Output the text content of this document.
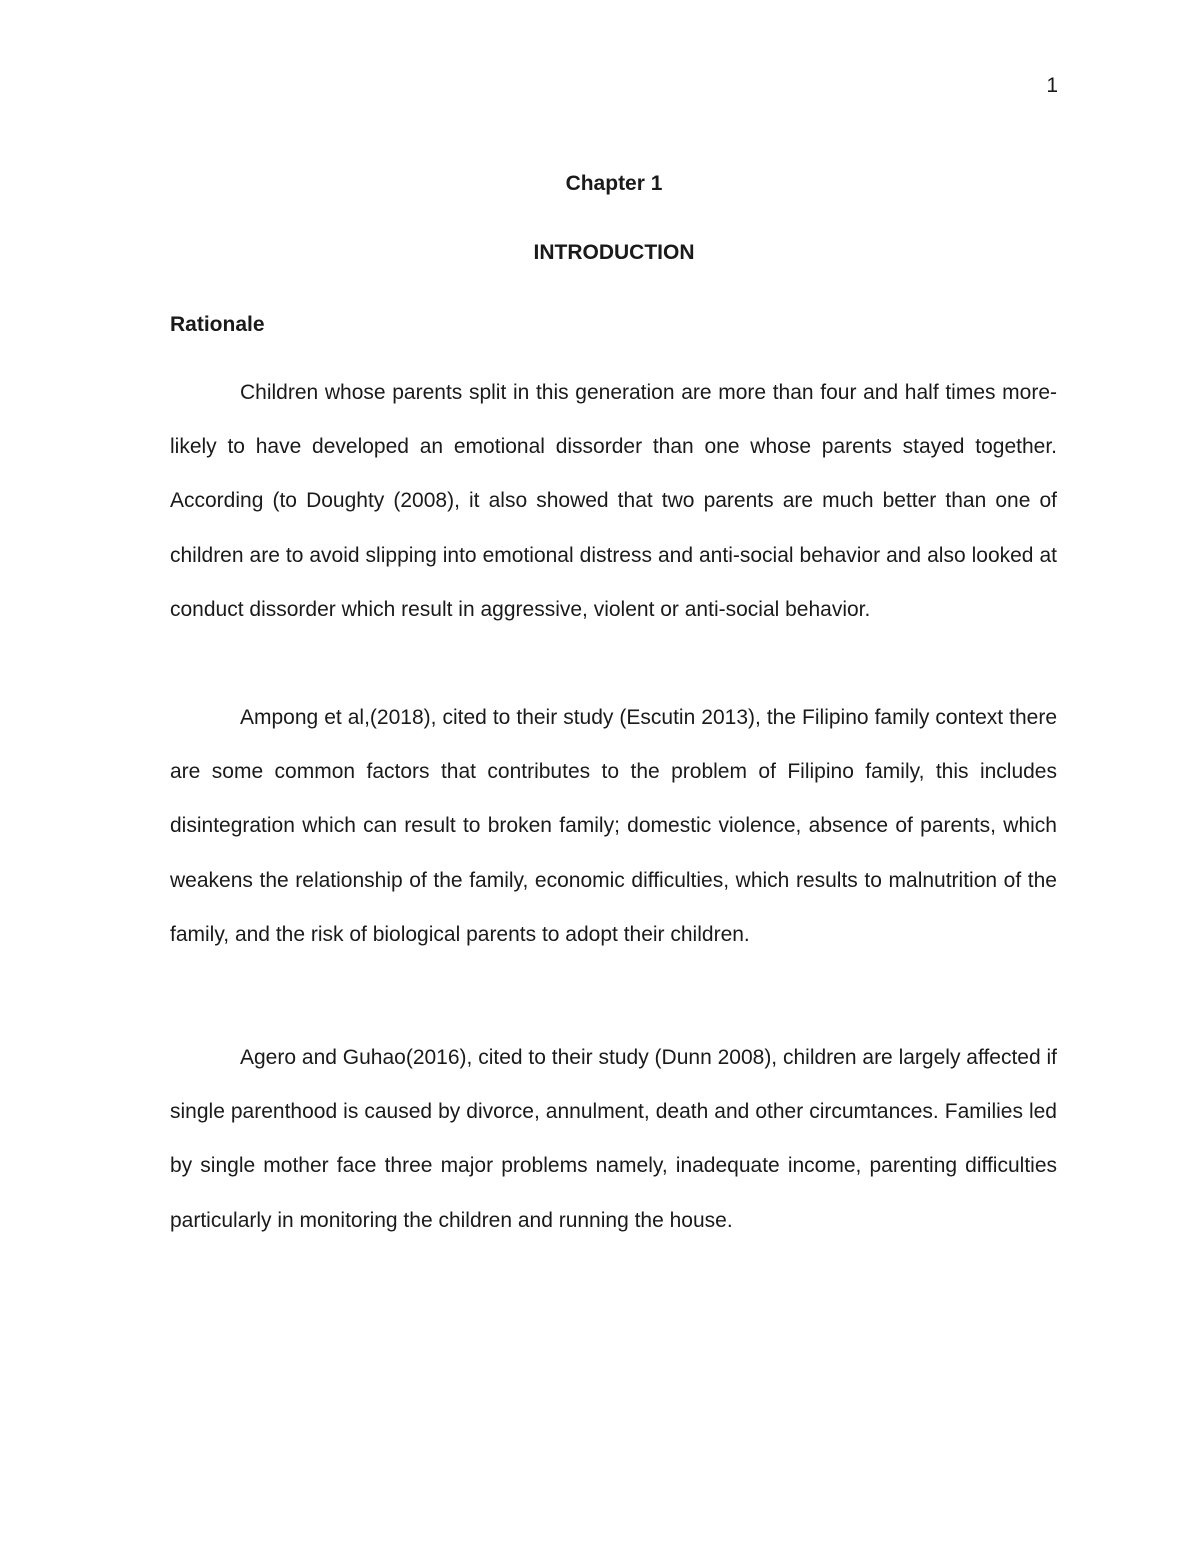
1
Chapter 1
INTRODUCTION
Rationale

Children whose parents split in this generation are more than four and half times more-likely to have developed an emotional dissorder than one whose parents stayed together. According (to Doughty (2008), it also showed that two parents are much better than one of children are to avoid slipping into emotional distress and anti-social behavior and also looked at conduct dissorder which result in aggressive, violent or anti-social behavior.

Ampong et al,(2018), cited to their study (Escutin 2013), the Filipino family context there are some common factors that contributes to the problem of Filipino family, this includes disintegration which can result to broken family; domestic violence, absence of parents, which weakens the relationship of the family, economic difficulties, which results to malnutrition of the family, and the risk of biological parents to adopt their children.

Agero and Guhao(2016), cited to their study (Dunn 2008), children are largely affected if single parenthood is caused by divorce, annulment, death and other circumtances. Families led by single mother face three major problems namely, inadequate income, parenting difficulties particularly in monitoring the children and running the house.
